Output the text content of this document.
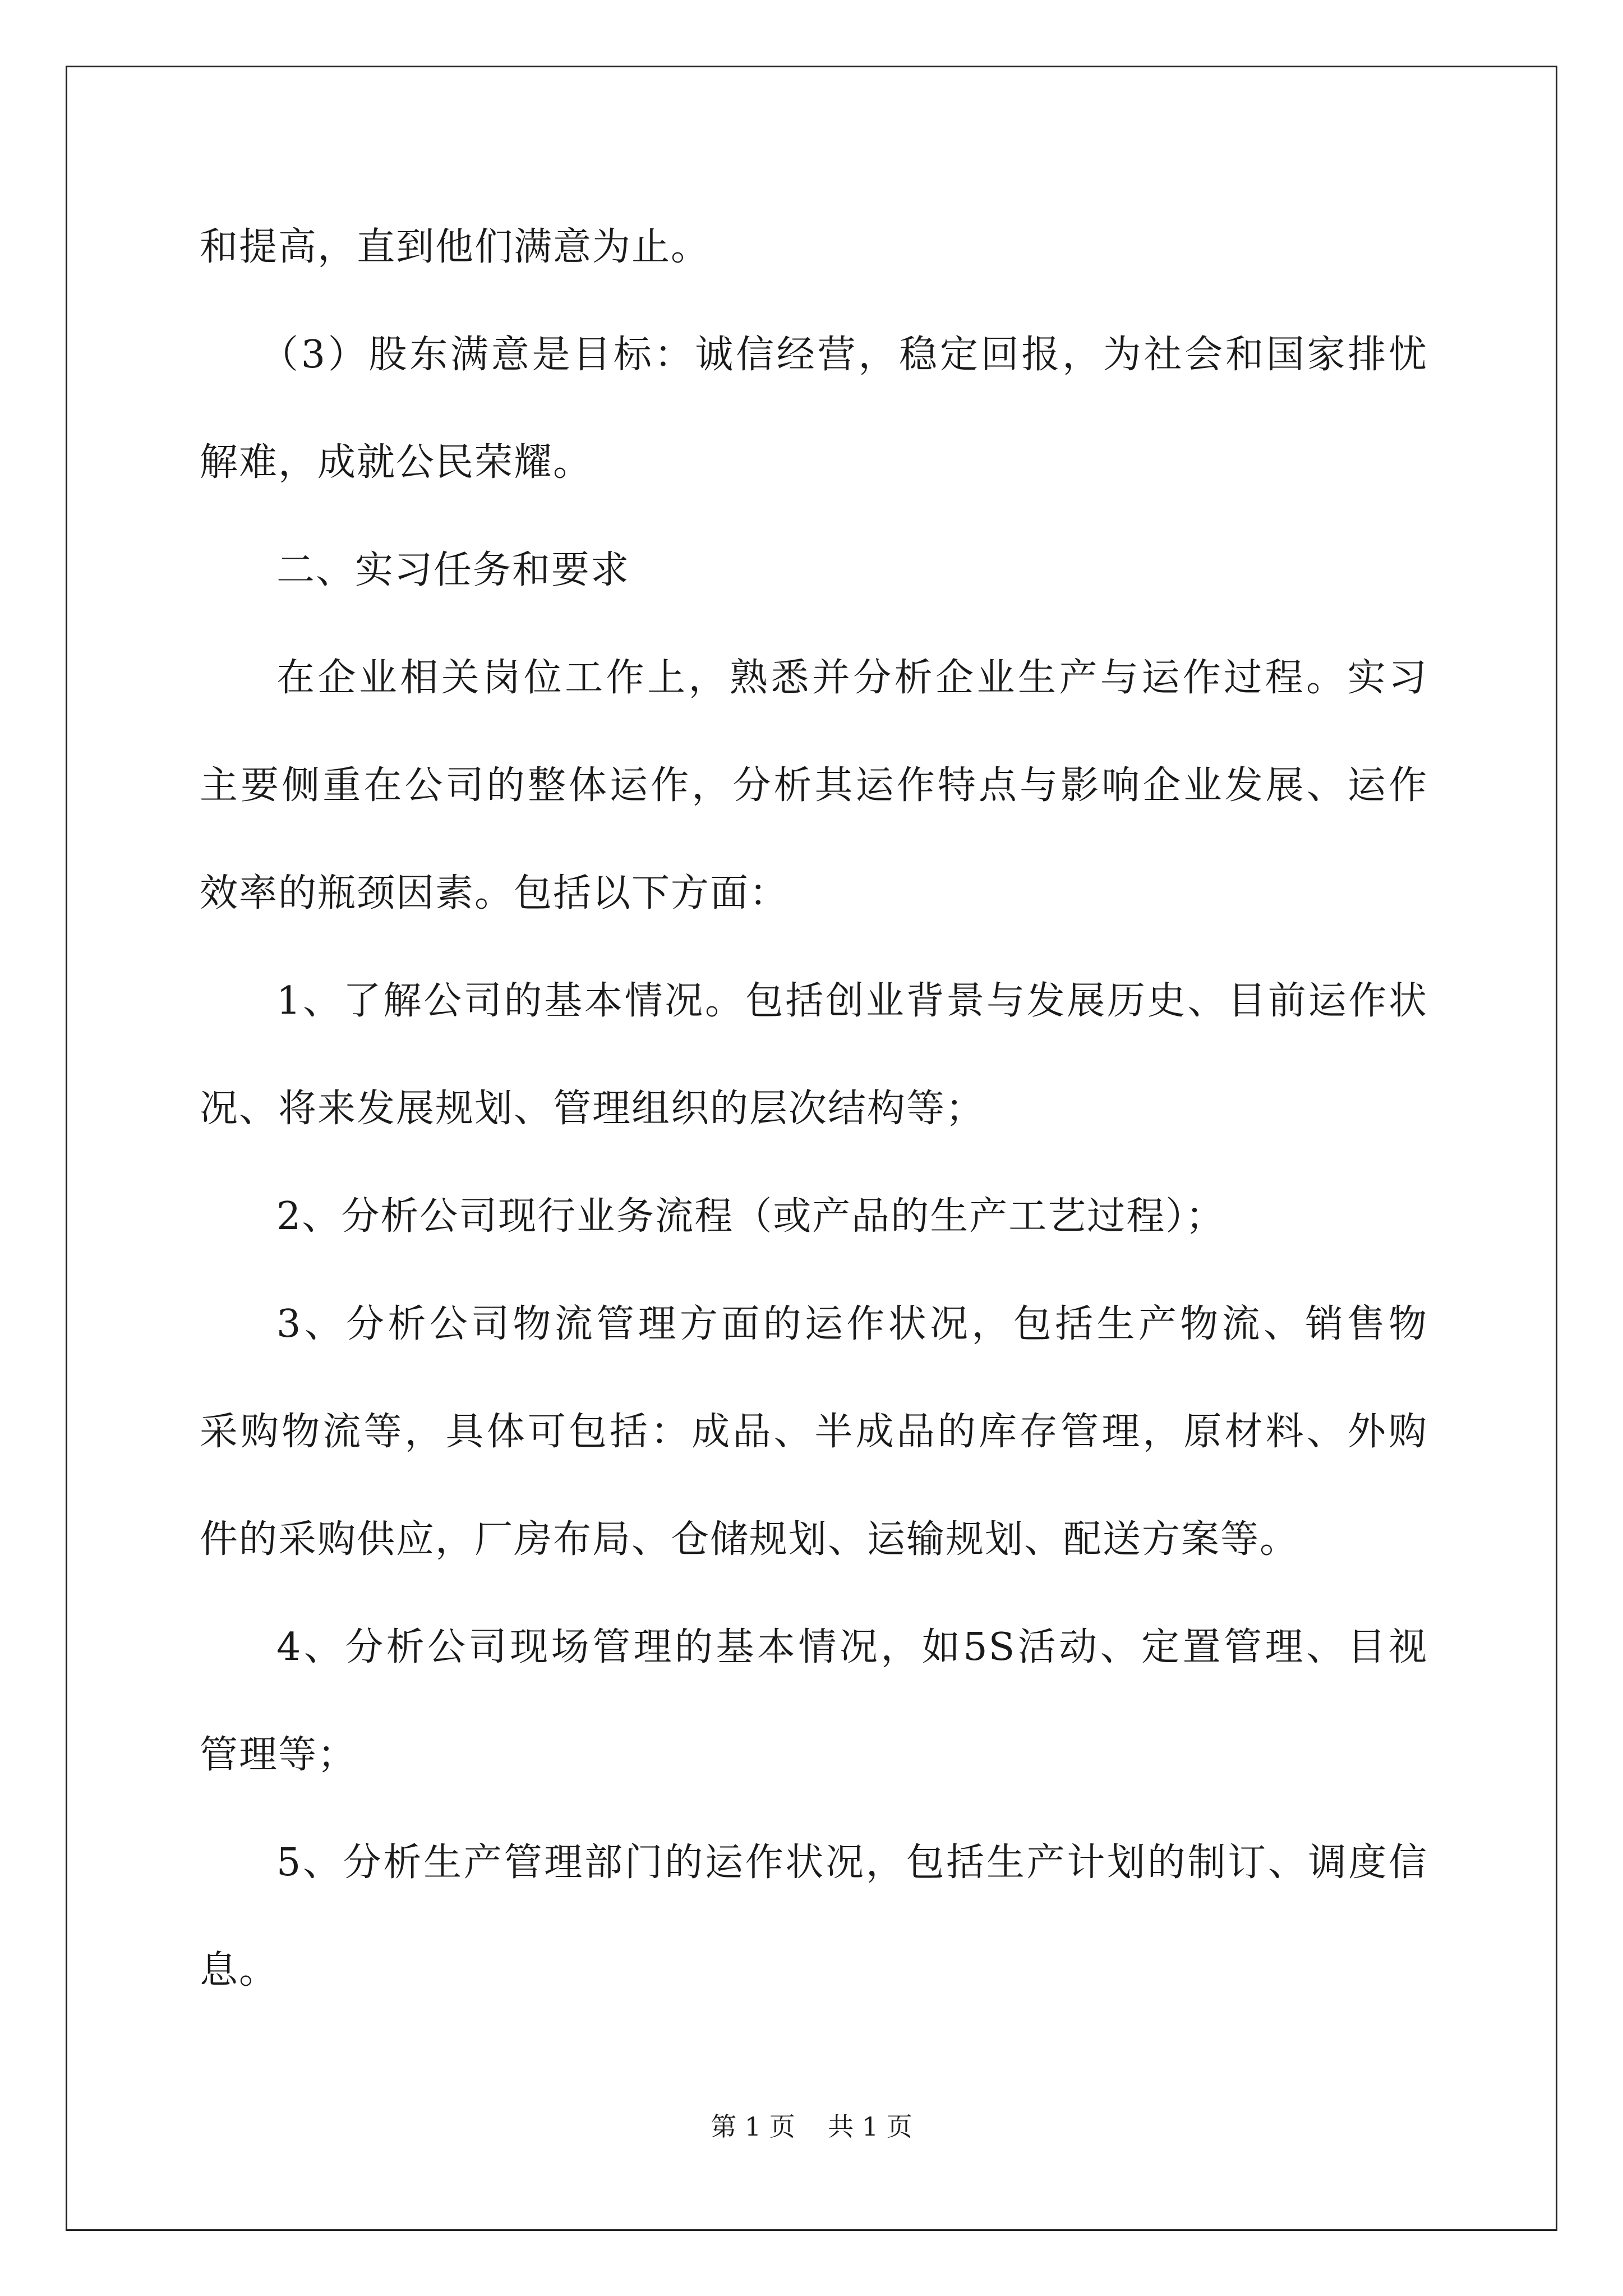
和提高，直到他们满意为止。
（3）股东满意是目标：诚信经营，稳定回报，为社会和国家排忧
解难，成就公民荣耀。
二、实习任务和要求
在企业相关岗位工作上，熟悉并分析企业生产与运作过程。实习
主要侧重在公司的整体运作，分析其运作特点与影响企业发展、运作
效率的瓶颈因素。包括以下方面：
1、了解公司的基本情况。包括创业背景与发展历史、目前运作状
况、将来发展规划、管理组织的层次结构等；
2、分析公司现行业务流程（或产品的生产工艺过程）；
3、分析公司物流管理方面的运作状况，包括生产物流、销售物
采购物流等，具体可包括：成品、半成品的库存管理，原材料、外购
件的采购供应，厂房布局、仓储规划、运输规划、配送方案等。
4、分析公司现场管理的基本情况，如5S活动、定置管理、目视
管理等；
5、分析生产管理部门的运作状况，包括生产计划的制订、调度信
息。
第 1 页    共 1 页
